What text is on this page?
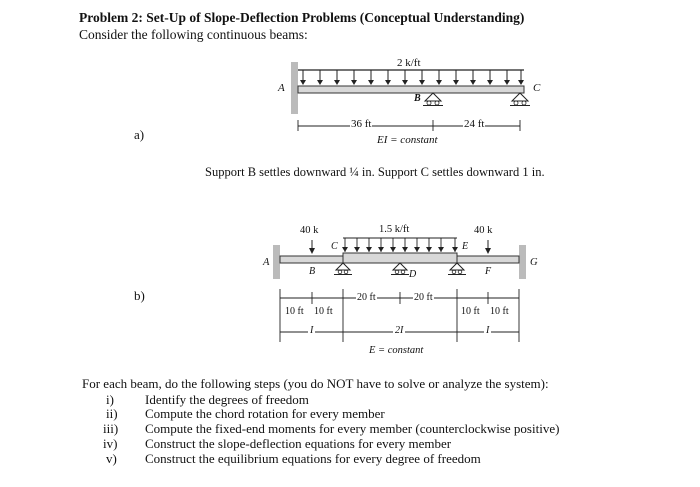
Problem 2: Set-Up of Slope-Deflection Problems (Conceptual Understanding)
Consider the following continuous beams:
2 k/ft
A
B
C
36 ft	24 ft
EI = constant
a)
Support B settles downward ¼ in. Support C settles downward 1 in.
40 k	1.5 k/ft	40 k
A
B
C
D
E
F
G
10 ft 10 ft
20 ft	20 ft
10 ft 10 ft
I	2I	I
E = constant
b)
For each beam, do the following steps (you do NOT have to solve or analyze the system):
i) Identify the degrees of freedom
ii) Compute the chord rotation for every member
iii) Compute the fixed-end moments for every member (counterclockwise positive)
iv) Construct the slope-deflection equations for every member
v) Construct the equilibrium equations for every degree of freedom
